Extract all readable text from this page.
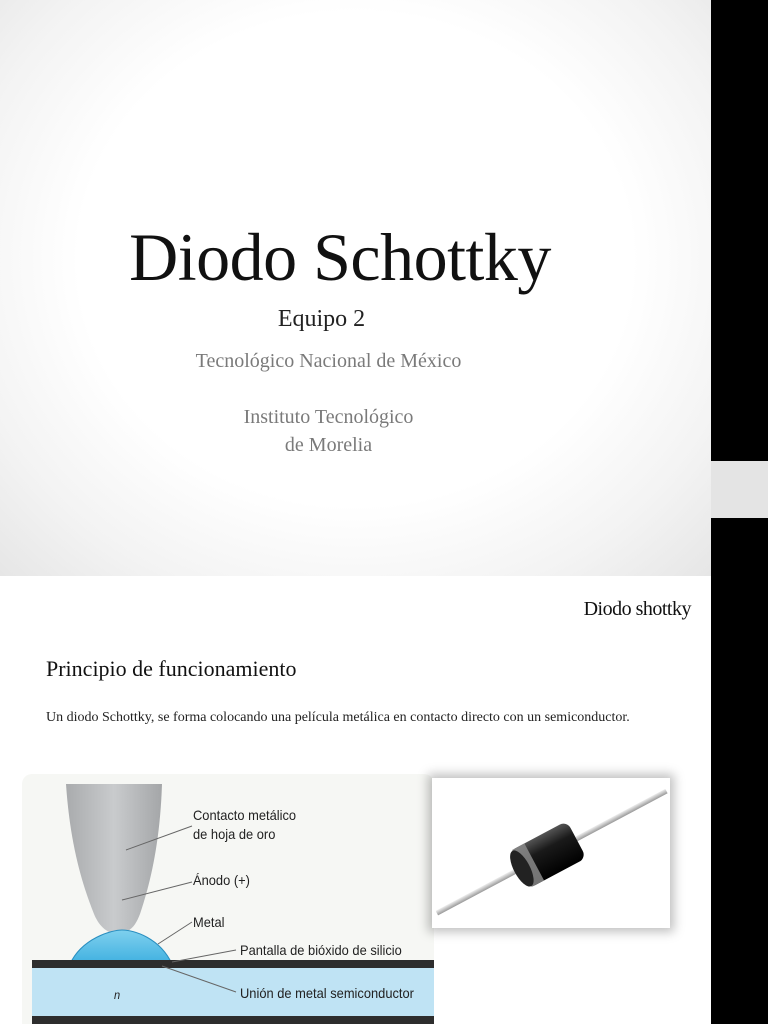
Diodo Schottky
Equipo 2
Tecnológico Nacional de México
Instituto Tecnológico
de Morelia
Diodo shottky
Principio de funcionamiento
Un diodo Schottky, se forma colocando una película metálica en contacto directo con un semiconductor.
Contacto metálico
de hoja de oro
Ánodo (+)
Metal
Pantalla de bióxido de silicio
Unión de metal semiconductor
n
